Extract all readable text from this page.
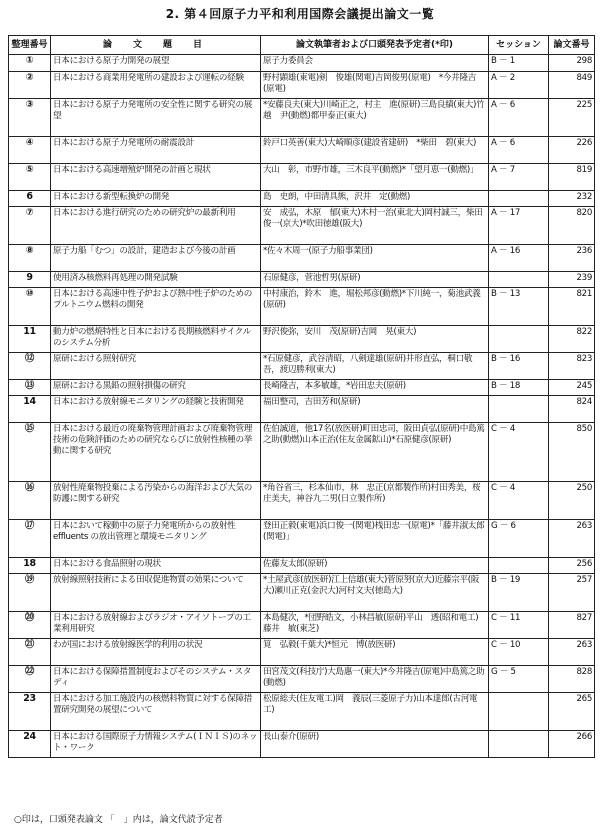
2. 第４回原子力平和利用国際会議提出論文一覧
整理番号	論　文　題　目	論文執筆者および口頭発表予定者(*印)	セッション	論文番号
①	日本における原子力開発の展望	原子力委員会	B － 1	298
②	日本における商業用発電所の建設および運転の経験	野村顕雄(東電)剣　俊雄(関電)吉岡俊男(原電)　*今井隆吉(原電)	A － 2	849
③	日本における原子力発電所の安全性に関する研究の展望	*安藤良夫(東大)川崎正之，村主　進(原研)三島良績(東大)竹越　尹(動燃)都甲泰正(東大)	A － 6	225
④	日本における原子力発電所の耐震設計	鈴戸口英善(東大)大崎順彦(建設省建研)　*柴田　碧(東大)	A － 6	226
⑤	日本における高速増殖炉開発の計画と現状	大山　彰，市野市雄，三木良平(動燃)*「望月恵一(動燃)」	A － 7	819
6	日本における新型転換炉の開発	島　史朗，中田清具熊，沢井　定(動燃)		232
⑦	日本における進行研究のための研究炉の最新利用	安　成弘，木原　郁(東大)木村一治(東北大)岡村誠三，柴田俊一(京大)*吹田徳雄(阪大)	A － 17	820
⑧	原子力船「むつ」の設計，建造および今後の計画	*佐々木周一(原子力船事業団)	A － 16	236
9	使用済み核燃料再処理の開発試験	石原健彦，菅池哲男(原研)		239
⑩	日本における高速中性子炉および熱中性子炉のためのプルトニウム燃料の開発	中村康治，鈴木　進，堀松邦彦(動燃)*下川純一，菊池武義(原研)	B － 13	821
11	動力炉の燃焼特性と日本における長期核燃料サイクルのシステム分析	野沢俊弥，安川　茂(原研)吉岡　晃(東大)		822
⑫	原研における照射研究	*石原健彦，武谷清昭，八剣達雄(原研)井形直弘，桐口敬吾，渡辺勝利(東大)	B － 16	823
⑬	原研における黒鉛の照射損傷の研究	長崎隆吉，本多敏雄，*岩田忠夫(原研)	B － 18	245
14	日本における放射線モニタリングの経験と技術開発	福田整司，吉田芳和(原研)		824
⑮	日本における最近の廃棄物管理計画および廃棄物管理技術の危険評価のための研究ならびに放射性核種の挙動に関する研究	佐伯誠道，他17名(放医研)町田忠司，阪田貞弘(原研)中島篤之助(動燃)山本正治(住友金属鉱山)*石原健彦(原研)	C － 4	850
⑯	放射性廃棄物投棄による汚染からの海洋および大気の防護に関する研究	*角谷省三，杉本仙市，林　忠正(京都製作所)村田秀美，桜庄美夫，神谷九二男(日立製作所)	C － 4	250
⑰	日本において稼動中の原子力発電所からの放射性 effluents の放出管理と環境モニタリング	登田正毅(東電)浜口俊一(関電)桟田忠一(原電)*「藤井淑太郎(関電)」	G － 6	263
18	日本における食品照射の現状	佐藤友太郎(原研)		256
⑲	放射線照射技術による田収促進物質の効果について	*土屋武彦(放医研)江上信雄(東大)菅原努(京大)近藤宗平(阪大)瀬川正克(金沢大)河村文夫(徳島大)	B － 19	257
⑳	日本における放射線およびラジオ・アイソトープの工業利用研究	本島健次，*団野皓文，小林昌敏(原研)平山　透(昭和電工)藤井　敏(東芝)	C － 11	827
㉑	わが国における放射線医学的利用の状況	筧　弘毅(千葉大)*恒元　博(放医研)	C － 10	263
㉒	日本における保障措置制度およびそのシステム・スタディ	田宮茂文(科技庁)大島惠一(東大)*今井隆吉(原電)中島篤之助(動燃)	G － 5	828
23	日本における加工施設内の核燃料物質に対する保障措置研究開発の展望について	松原総夫(住友電工)岡　義辰(三菱原子力)山本達郎(古河電工)		265
24	日本における国際原子力情報システム(ＩＮＩＳ)のネット・ワーク	長山泰介(原研)		266
○印は，口頭発表論文 「　」内は，論文代読予定者
